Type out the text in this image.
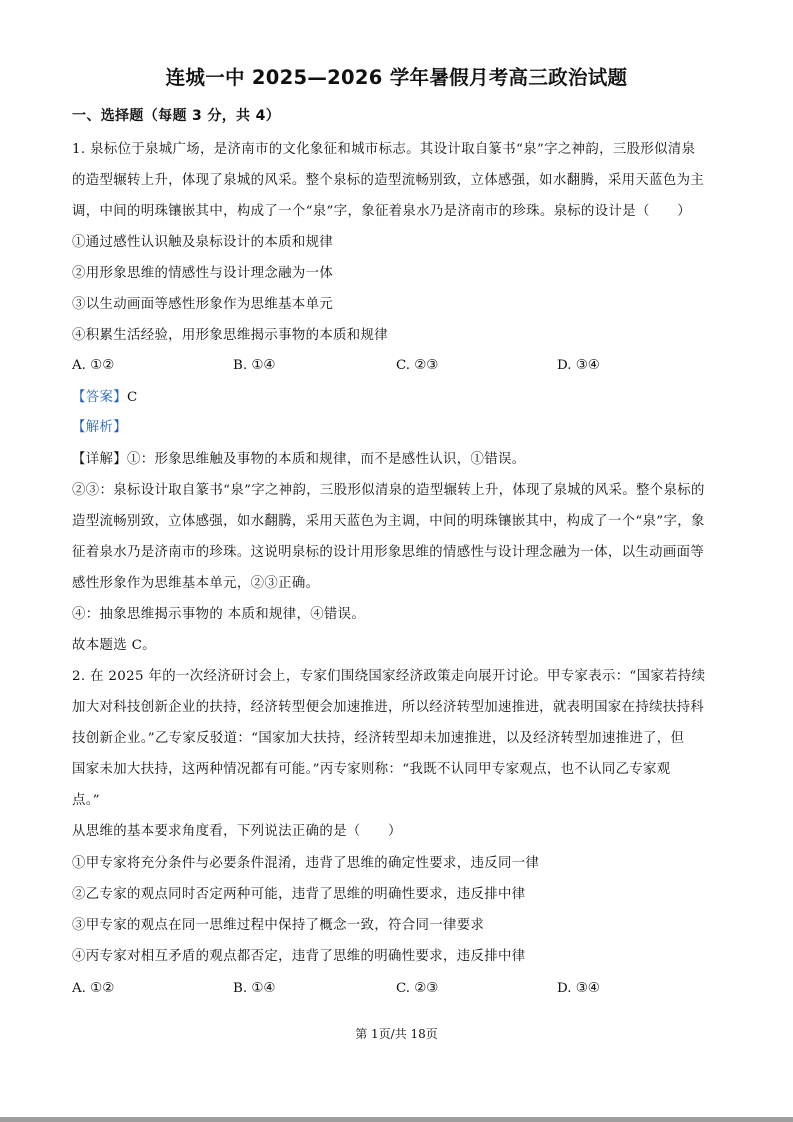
连城一中 2025—2026 学年暑假月考高三政治试题
一、选择题（每题 3 分，共 4）
1. 泉标位于泉城广场，是济南市的文化象征和城市标志。其设计取自篆书“泉”字之神韵，三股形似清泉
的造型辗转上升，体现了泉城的风采。整个泉标的造型流畅别致，立体感强，如水翻腾，采用天蓝色为主
调，中间的明珠镶嵌其中，构成了一个“泉”字，象征着泉水乃是济南市的珍珠。泉标的设计是（　　）
①通过感性认识触及泉标设计的本质和规律
②用形象思维的情感性与设计理念融为一体
③以生动画面等感性形象作为思维基本单元
④积累生活经验，用形象思维揭示事物的本质和规律
A. ①②	B. ①④	C. ②③	D. ③④
【答案】C
【解析】
【详解】①：形象思维触及事物的本质和规律，而不是感性认识，①错误。
②③：泉标设计取自篆书“泉”字之神韵，三股形似清泉的造型辗转上升，体现了泉城的风采。整个泉标的
造型流畅别致，立体感强，如水翻腾，采用天蓝色为主调，中间的明珠镶嵌其中，构成了一个“泉”字，象
征着泉水乃是济南市的珍珠。这说明泉标的设计用形象思维的情感性与设计理念融为一体，以生动画面等
感性形象作为思维基本单元，②③正确。
④：抽象思维揭示事物的 本质和规律，④错误。
故本题选 C。
2. 在 2025 年的一次经济研讨会上，专家们围绕国家经济政策走向展开讨论。甲专家表示：“国家若持续
加大对科技创新企业的扶持，经济转型便会加速推进，所以经济转型加速推进，就表明国家在持续扶持科
技创新企业。”乙专家反驳道：“国家加大扶持，经济转型却未加速推进，以及经济转型加速推进了，但
国家未加大扶持，这两种情况都有可能。”丙专家则称：“我既不认同甲专家观点，也不认同乙专家观
点。”
从思维的基本要求角度看，下列说法正确的是（　　）
①甲专家将充分条件与必要条件混淆，违背了思维的确定性要求，违反同一律
②乙专家的观点同时否定两种可能，违背了思维的明确性要求，违反排中律
③甲专家的观点在同一思维过程中保持了概念一致，符合同一律要求
④丙专家对相互矛盾的观点都否定，违背了思维的明确性要求，违反排中律
A. ①②	B. ①④	C. ②③	D. ③④
第 1页/共 18页
